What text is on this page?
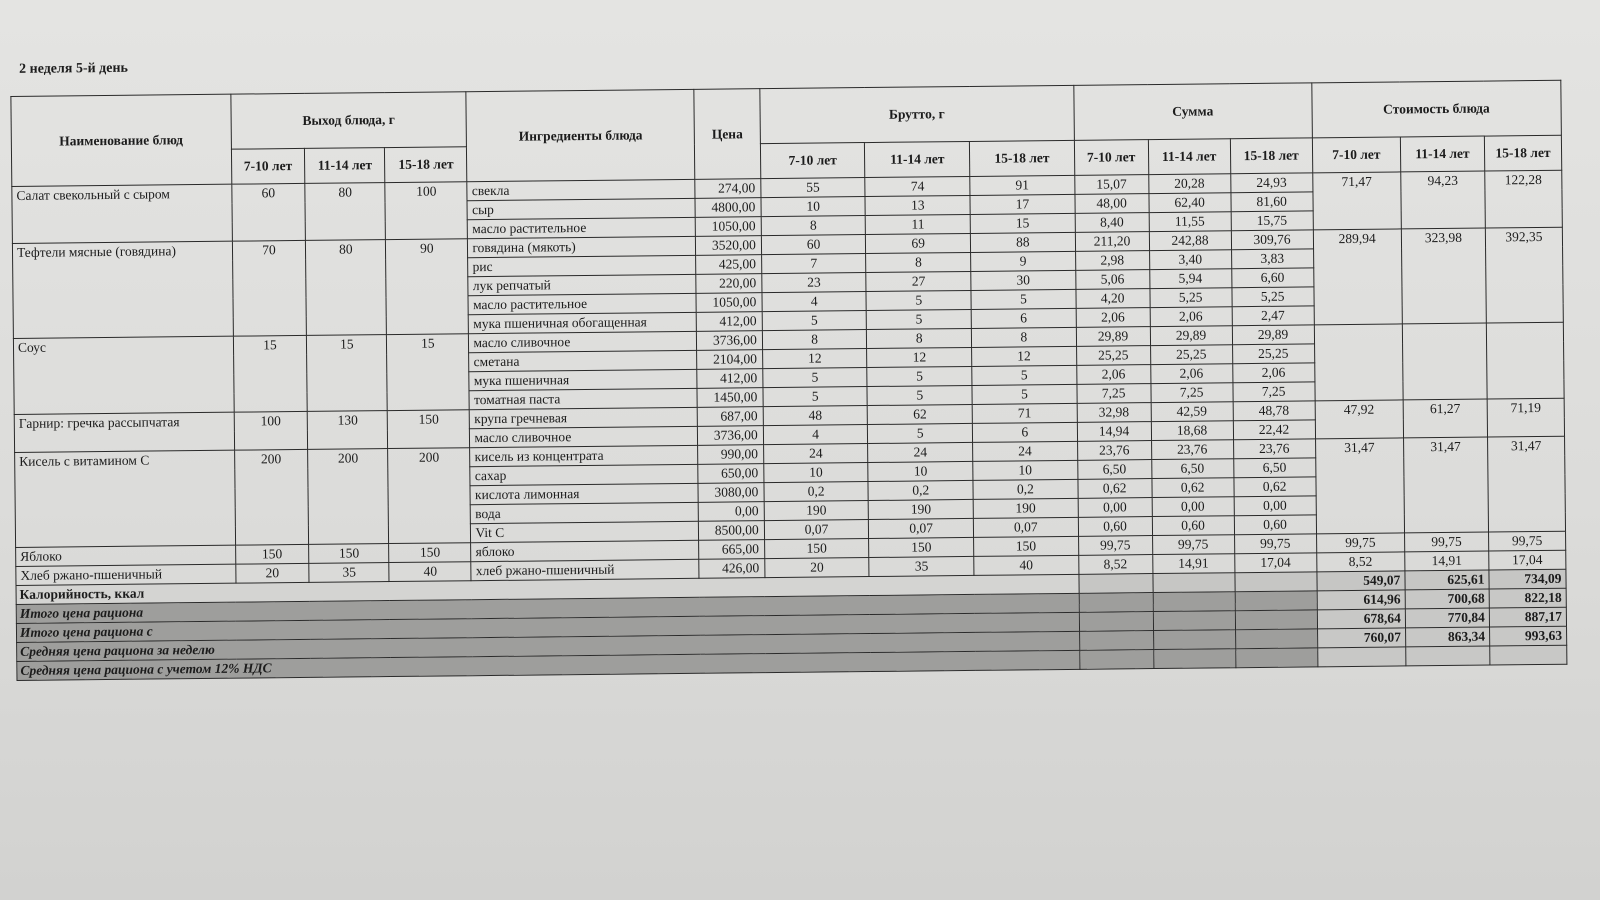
2 неделя 5-й день
Наименование блюд	Выход блюда, г			Ингредиенты блюда	Цена	Брутто, г			Сумма			Стоимость блюда		
	7-10 лет	11-14 лет	15-18 лет			7-10 лет	11-14 лет	15-18 лет	7-10 лет	11-14 лет	15-18 лет	7-10 лет	11-14 лет	15-18 лет
Салат свекольный с сыром	60	80	100	свекла	274,00	55	74	91	15,07	20,28	24,93	71,47	94,23	122,28
				сыр	4800,00	10	13	17	48,00	62,40	81,60			
				масло растительное	1050,00	8	11	15	8,40	11,55	15,75			
Тефтели мясные (говядина)	70	80	90	говядина (мякоть)	3520,00	60	69	88	211,20	242,88	309,76	289,94	323,98	392,35
				рис	425,00	7	8	9	2,98	3,40	3,83			
				лук репчатый	220,00	23	27	30	5,06	5,94	6,60			
				масло растительное	1050,00	4	5	5	4,20	5,25	5,25			
				мука пшеничная обогащенная	412,00	5	5	6	2,06	2,06	2,47			
Соус	15	15	15	масло сливочное	3736,00	8	8	8	29,89	29,89	29,89			
				сметана	2104,00	12	12	12	25,25	25,25	25,25			
				мука пшеничная	412,00	5	5	5	2,06	2,06	2,06			
				томатная паста	1450,00	5	5	5	7,25	7,25	7,25			
Гарнир: гречка рассыпчатая	100	130	150	крупа гречневая	687,00	48	62	71	32,98	42,59	48,78	47,92	61,27	71,19
				масло сливочное	3736,00	4	5	6	14,94	18,68	22,42			
Кисель с витамином С	200	200	200	кисель из концентрата	990,00	24	24	24	23,76	23,76	23,76	31,47	31,47	31,47
				сахар	650,00	10	10	10	6,50	6,50	6,50			
				кислота лимонная	3080,00	0,2	0,2	0,2	0,62	0,62	0,62			
				вода	0,00	190	190	190	0,00	0,00	0,00			
				Vit C	8500,00	0,07	0,07	0,07	0,60	0,60	0,60			
Яблоко	150	150	150	яблоко	665,00	150	150	150	99,75	99,75	99,75	99,75	99,75	99,75
Хлеб ржано-пшеничный	20	35	40	хлеб ржано-пшеничный	426,00	20	35	40	8,52	14,91	17,04	8,52	14,91	17,04
Калорийность, ккал												549,07	625,61	734,09
Итого цена рациона												614,96	700,68	822,18
Итого цена рациона с												678,64	770,84	887,17
Средняя цена рациона за неделю												760,07	863,34	993,63
Средняя цена рациона с учетом 12% НДС														
